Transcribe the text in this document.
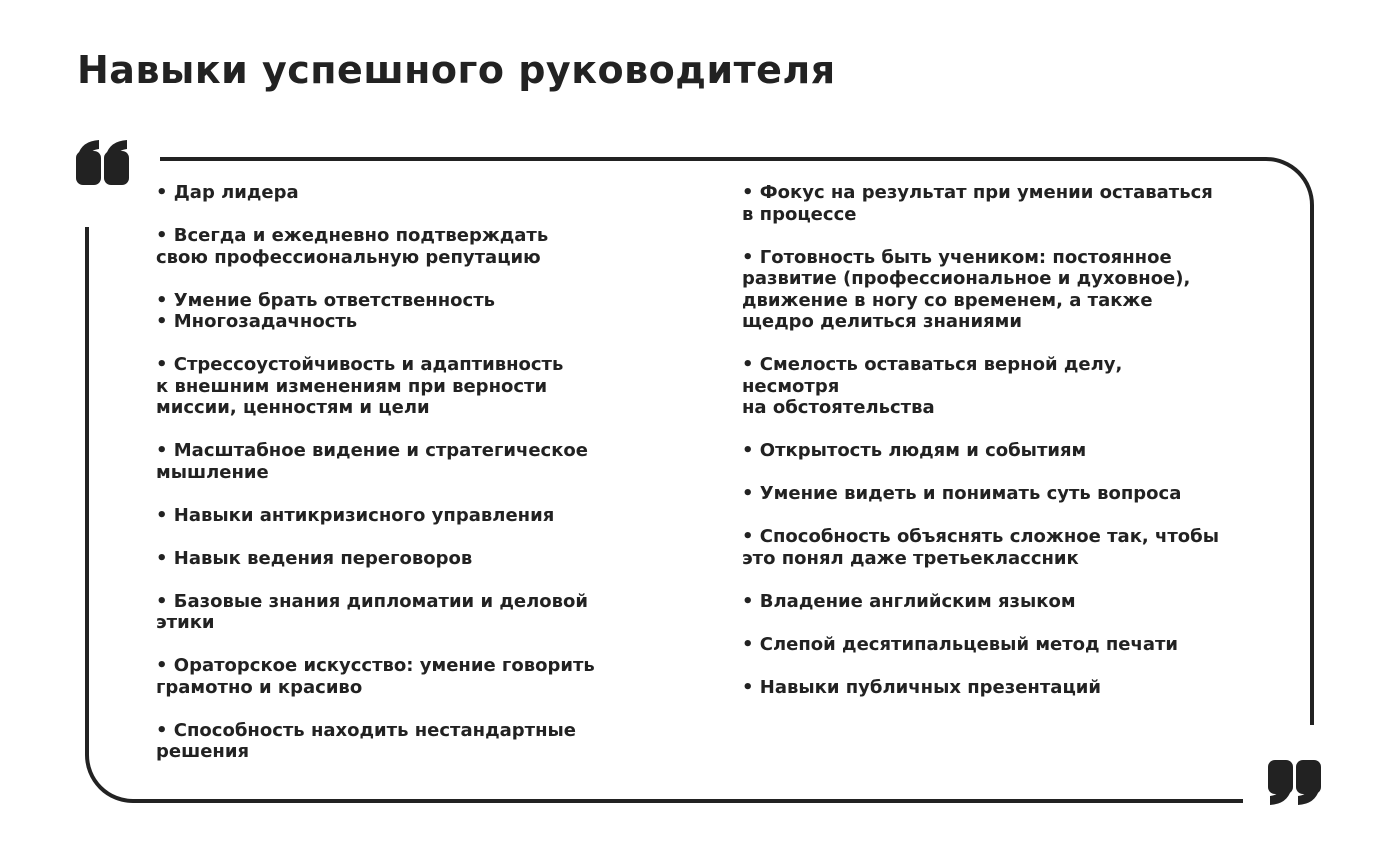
Навыки успешного руководителя
• Дар лидера
• Всегда и ежедневно подтверждать
свою профессиональную репутацию
• Умение брать ответственность
• Многозадачность
• Стрессоустойчивость и адаптивность
к внешним изменениям при верности
миссии, ценностям и цели
• Масштабное видение и стратегическое
мышление
• Навыки антикризисного управления
• Навык ведения переговоров
• Базовые знания дипломатии и деловой
этики
• Ораторское искусство: умение говорить
грамотно и красиво
• Способность находить нестандартные
решения
• Фокус на результат при умении оставаться
в процессе
• Готовность быть учеником: постоянное
развитие (профессиональное и духовное),
движение в ногу со временем, а также
щедро делиться знаниями
• Смелость оставаться верной делу,
несмотря
на обстоятельства
• Открытость людям и событиям
• Умение видеть и понимать суть вопроса
• Способность объяснять сложное так, чтобы
это понял даже третьеклассник
• Владение английским языком
• Слепой десятипальцевый метод печати
• Навыки публичных презентаций
